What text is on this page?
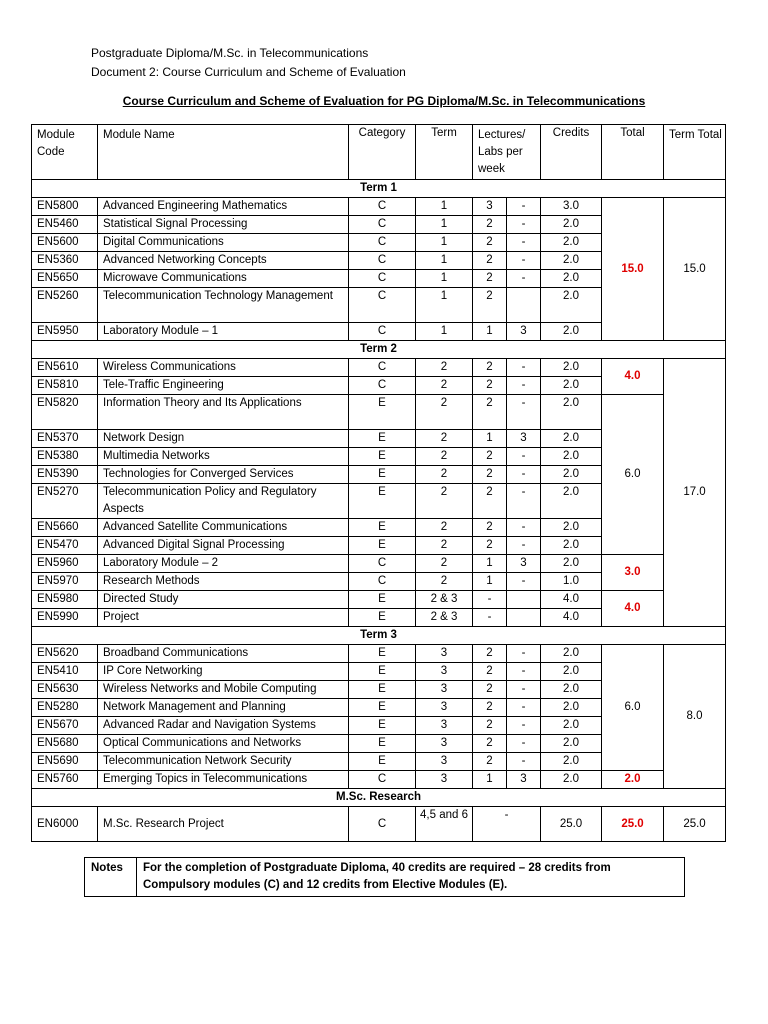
Postgraduate Diploma/M.Sc. in Telecommunications
Document 2: Course Curriculum and Scheme of Evaluation
Course Curriculum and Scheme of Evaluation for PG Diploma/M.Sc. in Telecommunications
Module Code	Module Name	Category	Term	Lectures/ Labs per week		Credits	Total	Term Total
Term 1								
EN5800	Advanced Engineering Mathematics	C	1	3	-	3.0	15.0	15.0
EN5460	Statistical Signal Processing	C	1	2	-	2.0		
EN5600	Digital Communications	C	1	2	-	2.0		
EN5360	Advanced Networking Concepts	C	1	2	-	2.0		
EN5650	Microwave Communications	C	1	2	-	2.0		
EN5260	Telecommunication Technology Management	C	1	2		2.0		
EN5950	Laboratory Module – 1	C	1	1	3	2.0		
Term 2								
EN5610	Wireless Communications	C	2	2	-	2.0	4.0	17.0
EN5810	Tele-Traffic Engineering	C	2	2	-	2.0		
EN5820	Information Theory and Its Applications	E	2	2	-	2.0	6.0	
EN5370	Network Design	E	2	1	3	2.0		
EN5380	Multimedia Networks	E	2	2	-	2.0		
EN5390	Technologies for Converged Services	E	2	2	-	2.0		
EN5270	Telecommunication Policy and Regulatory Aspects	E	2	2	-	2.0		
EN5660	Advanced Satellite Communications	E	2	2	-	2.0		
EN5470	Advanced Digital Signal Processing	E	2	2	-	2.0		
EN5960	Laboratory Module – 2	C	2	1	3	2.0	3.0	
EN5970	Research Methods	C	2	1	-	1.0		
EN5980	Directed Study	E	2 & 3	-		4.0	4.0	
EN5990	Project	E	2 & 3	-		4.0		
Term 3								
EN5620	Broadband Communications	E	3	2	-	2.0	6.0	8.0
EN5410	IP Core Networking	E	3	2	-	2.0		
EN5630	Wireless Networks and Mobile Computing	E	3	2	-	2.0		
EN5280	Network Management and Planning	E	3	2	-	2.0		
EN5670	Advanced Radar and Navigation Systems	E	3	2	-	2.0		
EN5680	Optical Communications and Networks	E	3	2	-	2.0		
EN5690	Telecommunication Network Security	E	3	2	-	2.0		
EN5760	Emerging Topics in Telecommunications	C	3	1	3	2.0	2.0	
M.Sc. Research								
EN6000	M.Sc. Research Project	C	4,5 and 6	-		25.0	25.0	25.0
Notes	For the completion of Postgraduate Diploma, 40 credits are required – 28 credits from Compulsory modules (C) and 12 credits from Elective Modules (E).
